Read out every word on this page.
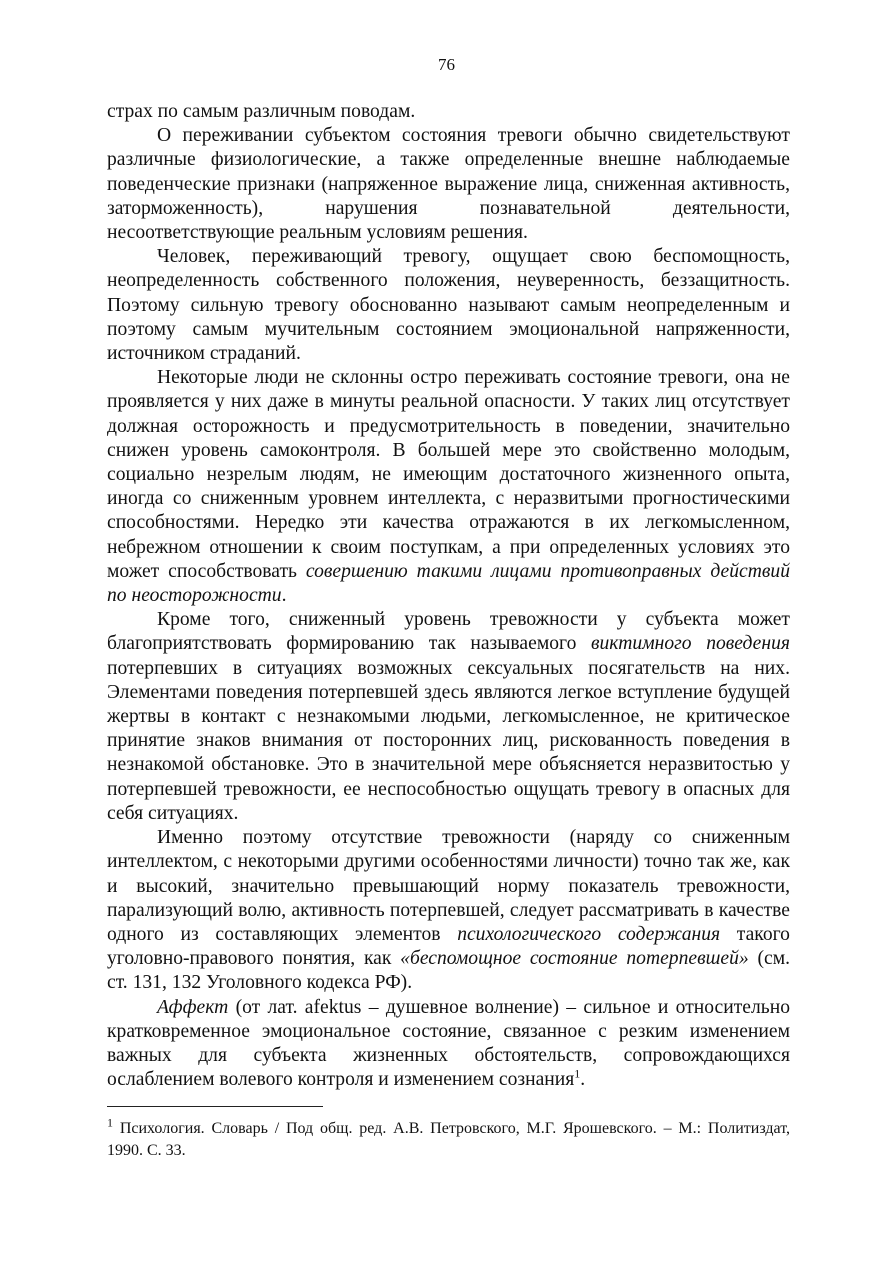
76

страх по самым различным поводам.

О переживании субъектом состояния тревоги обычно свидетельствуют различные физиологические, а также определенные внешне наблюдаемые поведенческие признаки (напряженное выражение лица, сниженная активность, заторможенность), нарушения познавательной деятельности, несоответствующие реальным условиям решения.

Человек, переживающий тревогу, ощущает свою беспомощность, неопределенность собственного положения, неуверенность, беззащитность. Поэтому сильную тревогу обоснованно называют самым неопределенным и поэтому самым мучительным состоянием эмоциональной напряженности, источником страданий.

Некоторые люди не склонны остро переживать состояние тревоги, она не проявляется у них даже в минуты реальной опасности. У таких лиц отсутствует должная осторожность и предусмотрительность в поведении, значительно снижен уровень самоконтроля. В большей мере это свойственно молодым, социально незрелым людям, не имеющим достаточного жизненного опыта, иногда со сниженным уровнем интеллекта, с неразвитыми прогностическими способностями. Нередко эти качества отражаются в их легкомысленном, небрежном отношении к своим поступкам, а при определенных условиях это может способствовать совершению такими лицами противоправных действий по неосторожности.

Кроме того, сниженный уровень тревожности у субъекта может благоприятствовать формированию так называемого виктимного поведения потерпевших в ситуациях возможных сексуальных посягательств на них. Элементами поведения потерпевшей здесь являются легкое вступление будущей жертвы в контакт с незнакомыми людьми, легкомысленное, не критическое принятие знаков внимания от посторонних лиц, рискованность поведения в незнакомой обстановке. Это в значительной мере объясняется неразвитостью у потерпевшей тревожности, ее неспособностью ощущать тревогу в опасных для себя ситуациях.

Именно поэтому отсутствие тревожности (наряду со сниженным интеллектом, с некоторыми другими особенностями личности) точно так же, как и высокий, значительно превышающий норму показатель тревожности, парализующий волю, активность потерпевшей, следует рассматривать в качестве одного из составляющих элементов психологического содержания такого уголовно-правового понятия, как «беспомощное состояние потерпевшей» (см. ст. 131, 132 Уголовного кодекса РФ).

Аффект (от лат. afektus – душевное волнение) – сильное и относительно кратковременное эмоциональное состояние, связанное с резким изменением важных для субъекта жизненных обстоятельств, сопровождающихся ослаблением волевого контроля и изменением сознания$^1$.

$^1$ Психология. Словарь / Под общ. ред. А.В. Петровского, М.Г. Ярошевского. – М.: Политиздат, 1990. С. 33.
